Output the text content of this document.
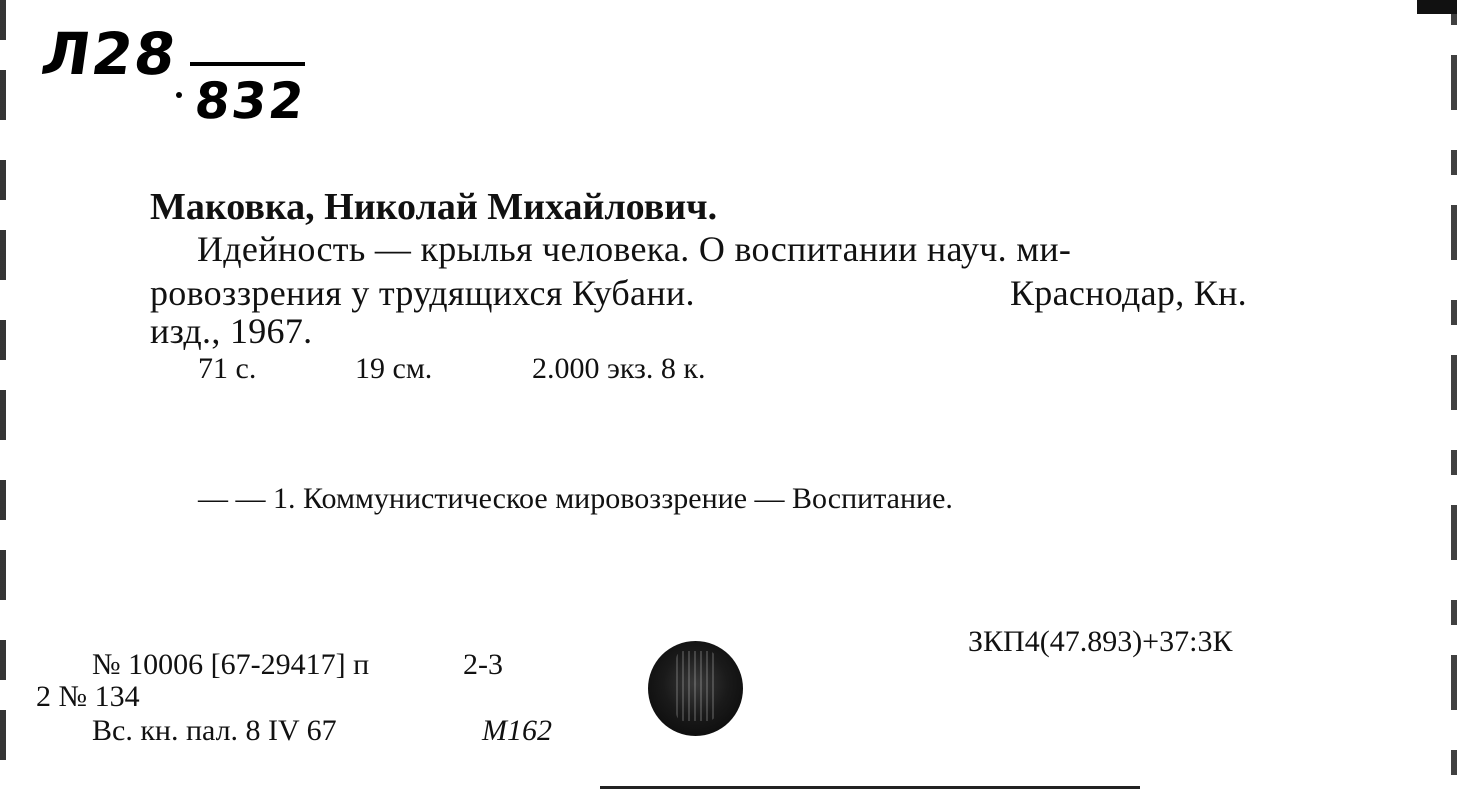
Л28
832
Маковка, Николай Михайлович.
Идейность — крылья человека. О воспитании науч. ми-
ровоззрения у трудящихся Кубани.	Краснодар, Кн.
изд., 1967.
71 с.	19 см.	2.000 экз. 8 к.
— — 1. Коммунистическое мировоззрение — Воспитание.
ЗКП4(47.893)+37:3К
№ 10006 [67-29417] п	2-3
2 № 134
Вс. кн. пал. 8 IV 67	М162
